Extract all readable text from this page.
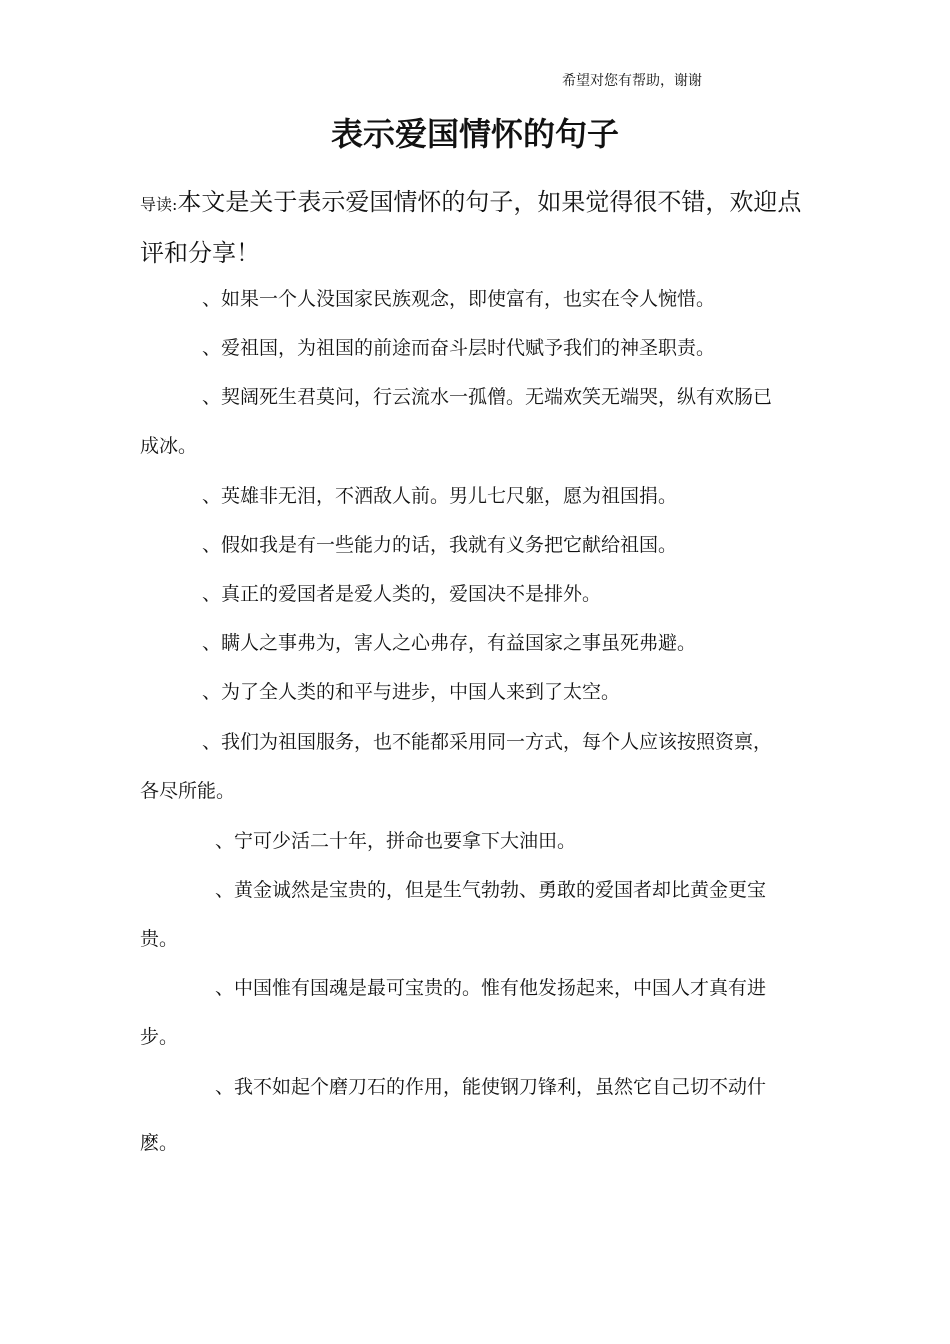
希望对您有帮助，谢谢
表示爱国情怀的句子

导读:本文是关于表示爱国情怀的句子，如果觉得很不错，欢迎点评和分享！

、如果一个人没国家民族观念，即使富有，也实在令人惋惜。

、爱祖国，为祖国的前途而奋斗层时代赋予我们的神圣职责。

、契阔死生君莫问，行云流水一孤僧。无端欢笑无端哭，纵有欢肠已成冰。

、英雄非无泪，不洒敌人前。男儿七尺躯，愿为祖国捐。

、假如我是有一些能力的话，我就有义务把它献给祖国。

、真正的爱国者是爱人类的，爱国决不是排外。

、瞒人之事弗为，害人之心弗存，有益国家之事虽死弗避。

、为了全人类的和平与进步，中国人来到了太空。

、我们为祖国服务，也不能都采用同一方式，每个人应该按照资禀，各尽所能。

、宁可少活二十年，拼命也要拿下大油田。

、黄金诚然是宝贵的，但是生气勃勃、勇敢的爱国者却比黄金更宝贵。

、中国惟有国魂是最可宝贵的。惟有他发扬起来，中国人才真有进步。

、我不如起个磨刀石的作用，能使钢刀锋利，虽然它自己切不动什麽。
